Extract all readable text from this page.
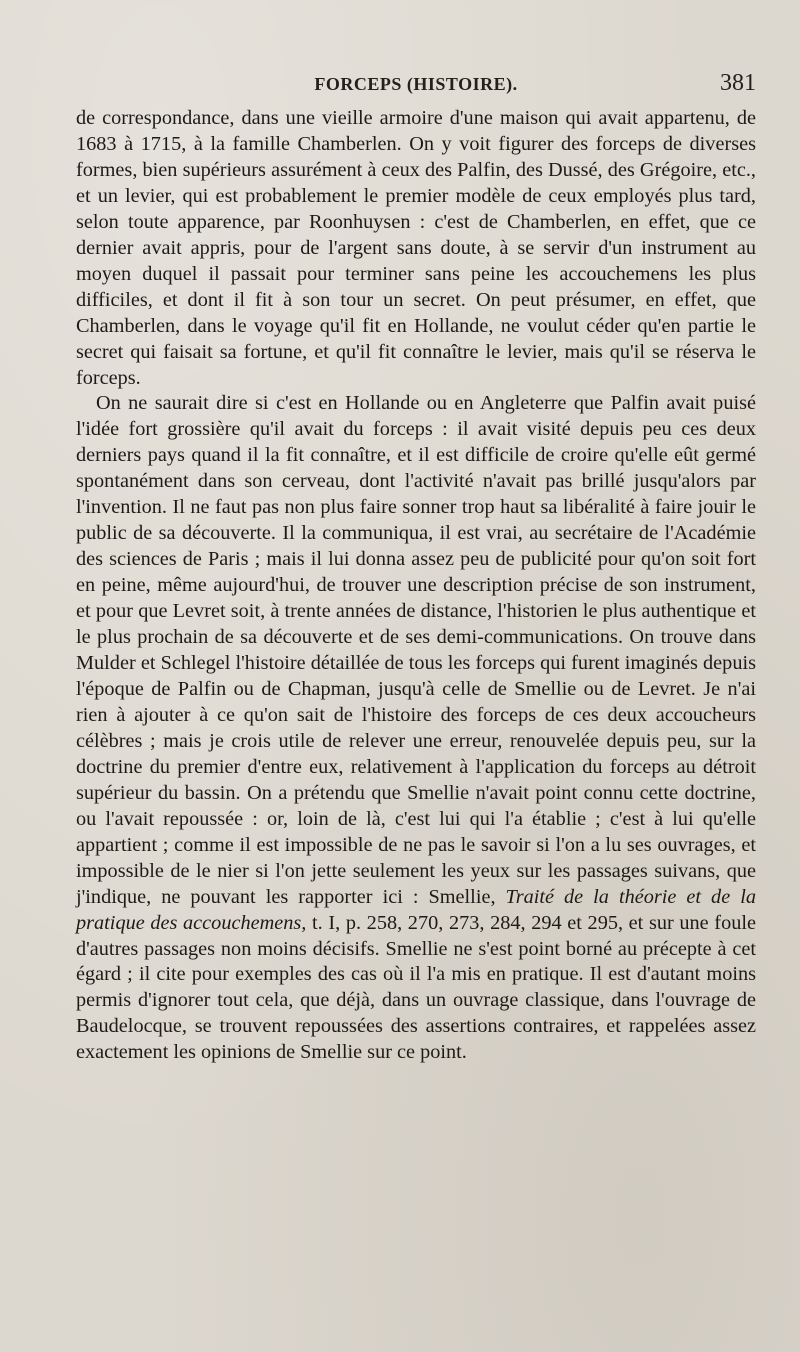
FORCEPS (HISTOIRE).	381

de correspondance, dans une vieille armoire d'une maison qui avait appartenu, de 1683 à 1715, à la famille Chamberlen. On y voit figurer des forceps de diverses formes, bien supérieurs assurément à ceux des Palfin, des Dussé, des Grégoire, etc., et un levier, qui est probablement le premier modèle de ceux employés plus tard, selon toute apparence, par Roonhuysen : c'est de Chamberlen, en effet, que ce dernier avait appris, pour de l'argent sans doute, à se servir d'un instrument au moyen duquel il passait pour terminer sans peine les accouchemens les plus difficiles, et dont il fit à son tour un secret. On peut présumer, en effet, que Chamberlen, dans le voyage qu'il fit en Hollande, ne voulut céder qu'en partie le secret qui faisait sa fortune, et qu'il fit connaître le levier, mais qu'il se réserva le forceps.

On ne saurait dire si c'est en Hollande ou en Angleterre que Palfin avait puisé l'idée fort grossière qu'il avait du forceps : il avait visité depuis peu ces deux derniers pays quand il la fit connaître, et il est difficile de croire qu'elle eût germé spontanément dans son cerveau, dont l'activité n'avait pas brillé jusqu'alors par l'invention. Il ne faut pas non plus faire sonner trop haut sa libéralité à faire jouir le public de sa découverte. Il la communiqua, il est vrai, au secrétaire de l'Académie des sciences de Paris ; mais il lui donna assez peu de publicité pour qu'on soit fort en peine, même aujourd'hui, de trouver une description précise de son instrument, et pour que Levret soit, à trente années de distance, l'historien le plus authentique et le plus prochain de sa découverte et de ses demi-communications. On trouve dans Mulder et Schlegel l'histoire détaillée de tous les forceps qui furent imaginés depuis l'époque de Palfin ou de Chapman, jusqu'à celle de Smellie ou de Levret. Je n'ai rien à ajouter à ce qu'on sait de l'histoire des forceps de ces deux accoucheurs célèbres ; mais je crois utile de relever une erreur, renouvelée depuis peu, sur la doctrine du premier d'entre eux, relativement à l'application du forceps au détroit supérieur du bassin. On a prétendu que Smellie n'avait point connu cette doctrine, ou l'avait repoussée : or, loin de là, c'est lui qui l'a établie ; c'est à lui qu'elle appartient ; comme il est impossible de ne pas le savoir si l'on a lu ses ouvrages, et impossible de le nier si l'on jette seulement les yeux sur les passages suivans, que j'indique, ne pouvant les rapporter ici : Smellie, Traité de la théorie et de la pratique des accouchemens, t. I, p. 258, 270, 273, 284, 294 et 295, et sur une foule d'autres passages non moins décisifs. Smellie ne s'est point borné au précepte à cet égard ; il cite pour exemples des cas où il l'a mis en pratique. Il est d'autant moins permis d'ignorer tout cela, que déjà, dans un ouvrage classique, dans l'ouvrage de Baudelocque, se trouvent repoussées des assertions contraires, et rappelées assez exactement les opinions de Smellie sur ce point.
